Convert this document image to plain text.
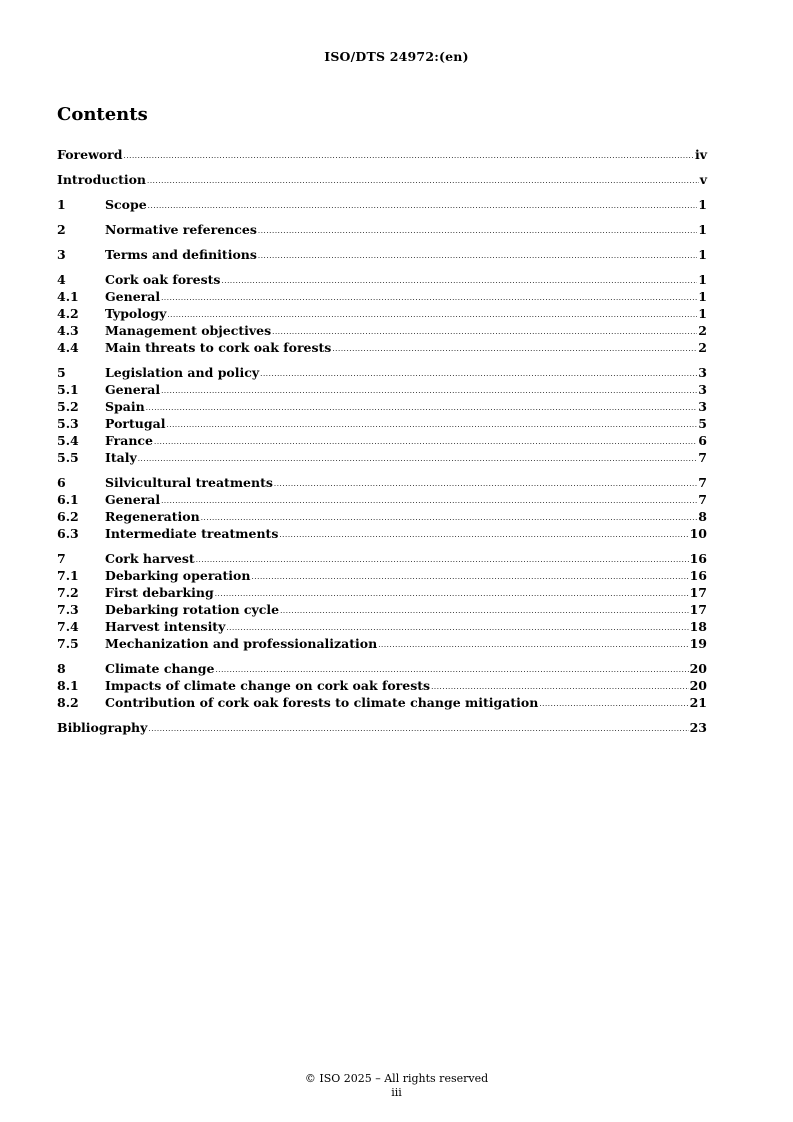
ISO/DTS 24972:(en)
Contents
Foreword .....	iv
Introduction .....	v
1	Scope .....	1
2	Normative references .....	1
3	Terms and definitions .....	1
4	Cork oak forests .....	1
4.1	General .....	1
4.2	Typology .....	1
4.3	Management objectives .....	2
4.4	Main threats to cork oak forests .....	2
5	Legislation and policy .....	3
5.1	General .....	3
5.2	Spain .....	3
5.3	Portugal .....	5
5.4	France .....	6
5.5	Italy .....	7
6	Silvicultural treatments .....	7
6.1	General .....	7
6.2	Regeneration .....	8
6.3	Intermediate treatments .....	10
7	Cork harvest .....	16
7.1	Debarking operation .....	16
7.2	First debarking .....	17
7.3	Debarking rotation cycle .....	17
7.4	Harvest intensity .....	18
7.5	Mechanization and professionalization .....	19
8	Climate change .....	20
8.1	Impacts of climate change on cork oak forests .....	20
8.2	Contribution of cork oak forests to climate change mitigation .....	21
Bibliography .....	23
© ISO 2025 – All rights reserved
iii
